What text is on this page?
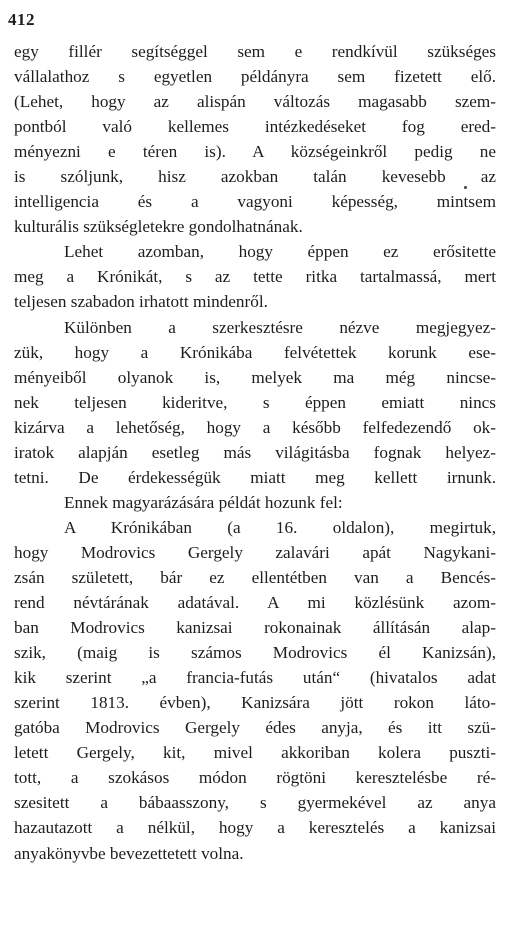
412
egy fillér segítséggel sem e rendkívül szükséges
vállalathoz s egyetlen példányra sem fizetett elő.
(Lehet, hogy az alispán változás magasabb szem-
pontból való kellemes intézkedéseket fog ered-
ményezni e téren is). A községeinkről pedig ne
is szóljunk, hisz azokban talán kevesebb az
intelligencia és a vagyoni képesség, mintsem
kulturális szükségletekre gondolhatnának.
Lehet azomban, hogy éppen ez erősitette
meg a Krónikát, s az tette ritka tartalmassá, mert
teljesen szabadon irhatott mindenről.
Különben a szerkesztésre nézve megjegyez-
zük, hogy a Krónikába felvétettek korunk ese-
ményeiből olyanok is, melyek ma még nincse-
nek teljesen kideritve, s éppen emiatt nincs
kizárva a lehetőség, hogy a később felfedezendő ok-
iratok alapján esetleg más világitásba fognak helyez-
tetni. De érdekességük miatt meg kellett irnunk.
Ennek magyarázására példát hozunk fel:
A Krónikában (a 16. oldalon), megirtuk,
hogy Modrovics Gergely zalavári apát Nagykani-
zsán született, bár ez ellentétben van a Bencés-
rend névtárának adatával. A mi közlésünk azom-
ban Modrovics kanizsai rokonainak állításán alap-
szik, (maig is számos Modrovics él Kanizsán),
kik szerint „a francia-futás után“ (hivatalos adat
szerint 1813. évben), Kanizsára jött rokon láto-
gatóba Modrovics Gergely édes anyja, és itt szü-
letett Gergely, kit, mivel akkoriban kolera puszti-
tott, a szokásos módon rögtöni keresztelésbe ré-
szesitett a bábaasszony, s gyermekével az anya
hazautazott a nélkül, hogy a keresztelés a kanizsai
anyakönyvbe bevezettetett volna.
